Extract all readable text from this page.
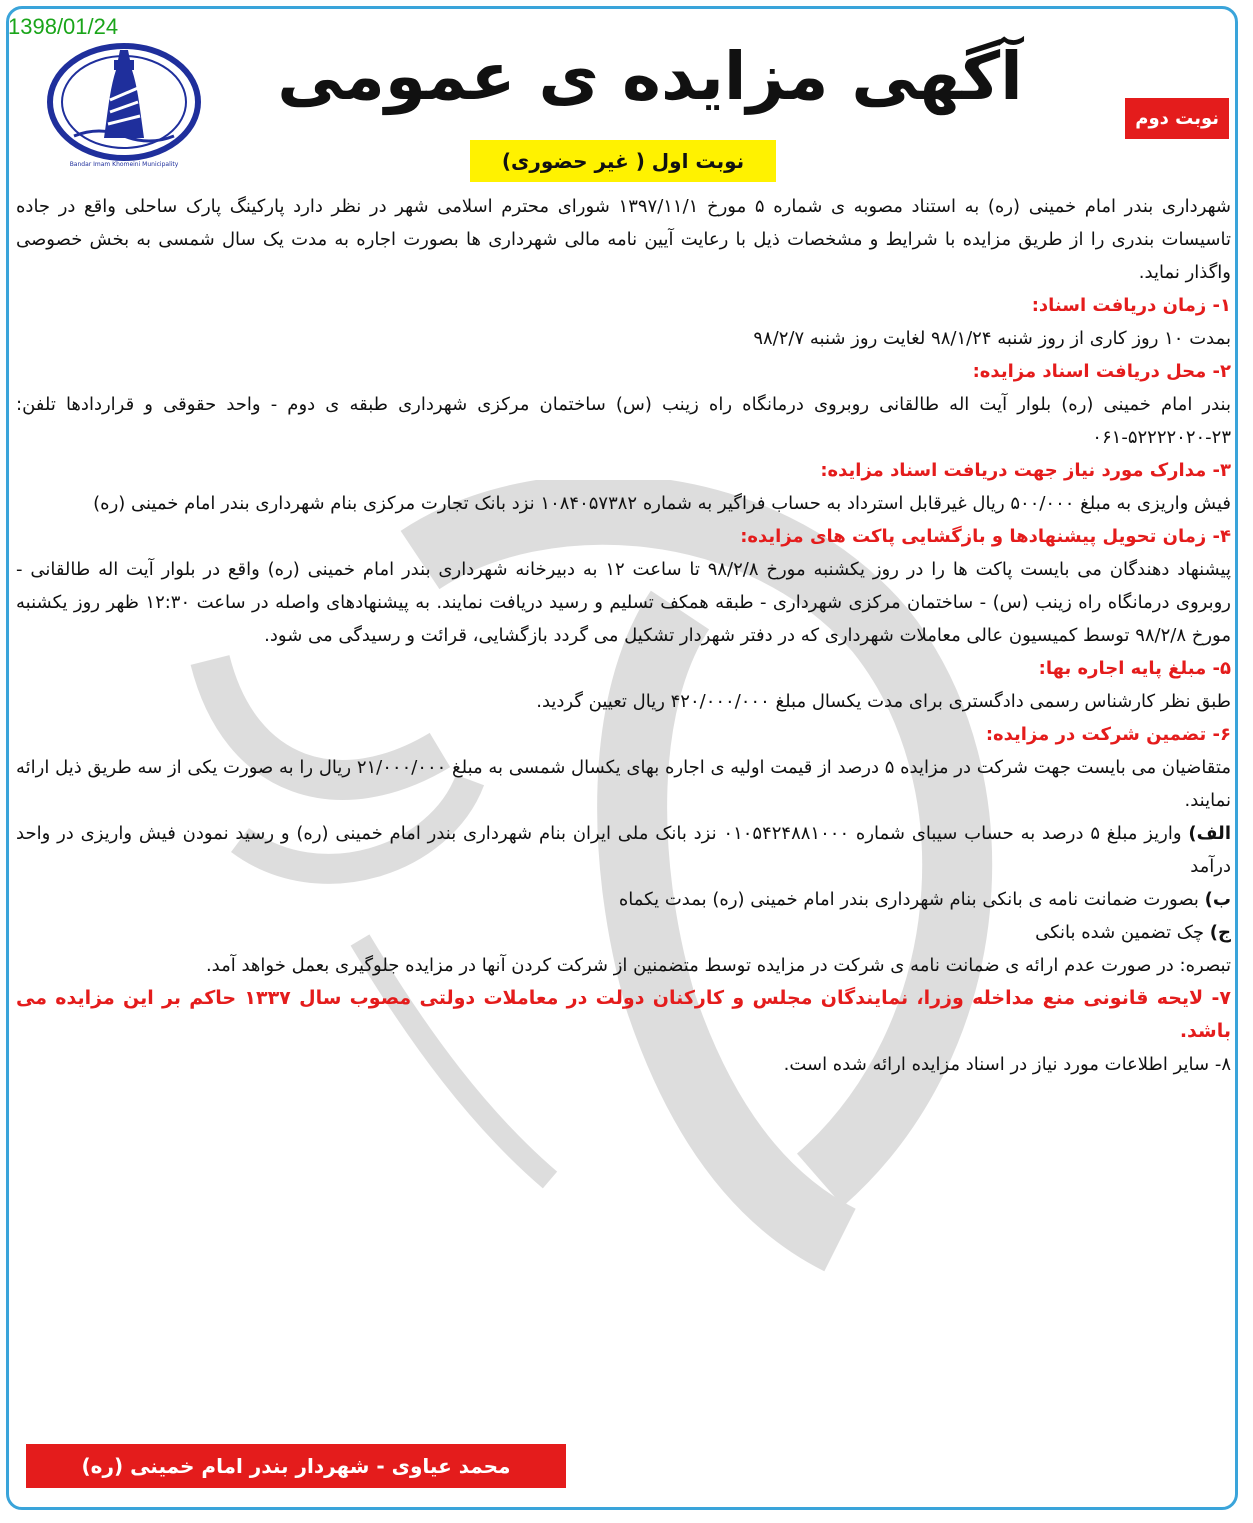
1398/01/24
Bandar Imam Khomeini Municipality
آگهی مزایده ی عمومی
نوبت دوم
نوبت اول ( غیر حضوری)

شهرداری بندر امام خمینی (ره) به استناد مصوبه ی شماره ۵ مورخ ۱۳۹۷/۱۱/۱ شورای محترم اسلامی شهر در نظر دارد پارکینگ پارک ساحلی واقع در جاده تاسیسات بندری را از طریق مزایده با شرایط و مشخصات ذیل با رعایت آیین نامه مالی شهرداری ها بصورت اجاره به مدت یک سال شمسی به بخش خصوصی واگذار نماید.

۱- زمان دریافت اسناد:

بمدت ۱۰ روز کاری از روز شنبه ۹۸/۱/۲۴ لغایت روز شنبه ۹۸/۲/۷

۲- محل دریافت اسناد مزایده:

بندر امام خمینی (ره) بلوار آیت اله طالقانی روبروی درمانگاه راه زینب (س) ساختمان مرکزی شهرداری طبقه ی دوم - واحد حقوقی و قراردادها تلفن: ۲۳-۵۲۲۲۲۰۲۰-۰۶۱

۳- مدارک مورد نیاز جهت دریافت اسناد مزایده:

فیش واریزی به مبلغ ۵۰۰/۰۰۰ ریال غیرقابل استرداد به حساب فراگیر به شماره ۱۰۸۴۰۵۷۳۸۲ نزد بانک تجارت مرکزی بنام شهرداری بندر امام خمینی (ره)

۴- زمان تحویل پیشنهادها و بازگشایی پاکت های مزایده:

پیشنهاد دهندگان می بایست پاکت ها را در روز یکشنبه مورخ ۹۸/۲/۸ تا ساعت ۱۲ به دبیرخانه شهرداری بندر امام خمینی (ره) واقع در بلوار آیت اله طالقانی - روبروی درمانگاه راه زینب (س) - ساختمان مرکزی شهرداری - طبقه همکف تسلیم و رسید دریافت نمایند. به پیشنهادهای واصله در ساعت ۱۲:۳۰ ظهر روز یکشنبه مورخ ۹۸/۲/۸ توسط کمیسیون عالی معاملات شهرداری که در دفتر شهردار تشکیل می گردد بازگشایی، قرائت و رسیدگی می شود.

۵- مبلغ پایه اجاره بها:

طبق نظر کارشناس رسمی دادگستری برای مدت یکسال مبلغ ۴۲۰/۰۰۰/۰۰۰ ریال تعیین گردید.

۶- تضمین شرکت در مزایده:

متقاضیان می بایست جهت شرکت در مزایده ۵ درصد از قیمت اولیه ی اجاره بهای یکسال شمسی به مبلغ ۲۱/۰۰۰/۰۰۰ ریال را به صورت یکی از سه طریق ذیل ارائه نمایند.

الف) واریز مبلغ ۵ درصد به حساب سیبای شماره ۰۱۰۵۴۲۴۸۸۱۰۰۰ نزد بانک ملی ایران بنام شهرداری بندر امام خمینی (ره) و رسید نمودن فیش واریزی در واحد درآمد

ب) بصورت ضمانت نامه ی بانکی بنام شهرداری بندر امام خمینی (ره) بمدت یکماه

ج) چک تضمین شده بانکی

تبصره: در صورت عدم ارائه ی ضمانت نامه ی شرکت در مزایده توسط متضمنین از شرکت کردن آنها در مزایده جلوگیری بعمل خواهد آمد.

۷- لایحه قانونی منع مداخله وزرا، نمایندگان مجلس و کارکنان دولت در معاملات دولتی مصوب سال ۱۳۳۷ حاکم بر این مزایده می باشد.

۸- سایر اطلاعات مورد نیاز در اسناد مزایده ارائه شده است.

محمد عیاوی - شهردار بندر امام خمینی (ره)
